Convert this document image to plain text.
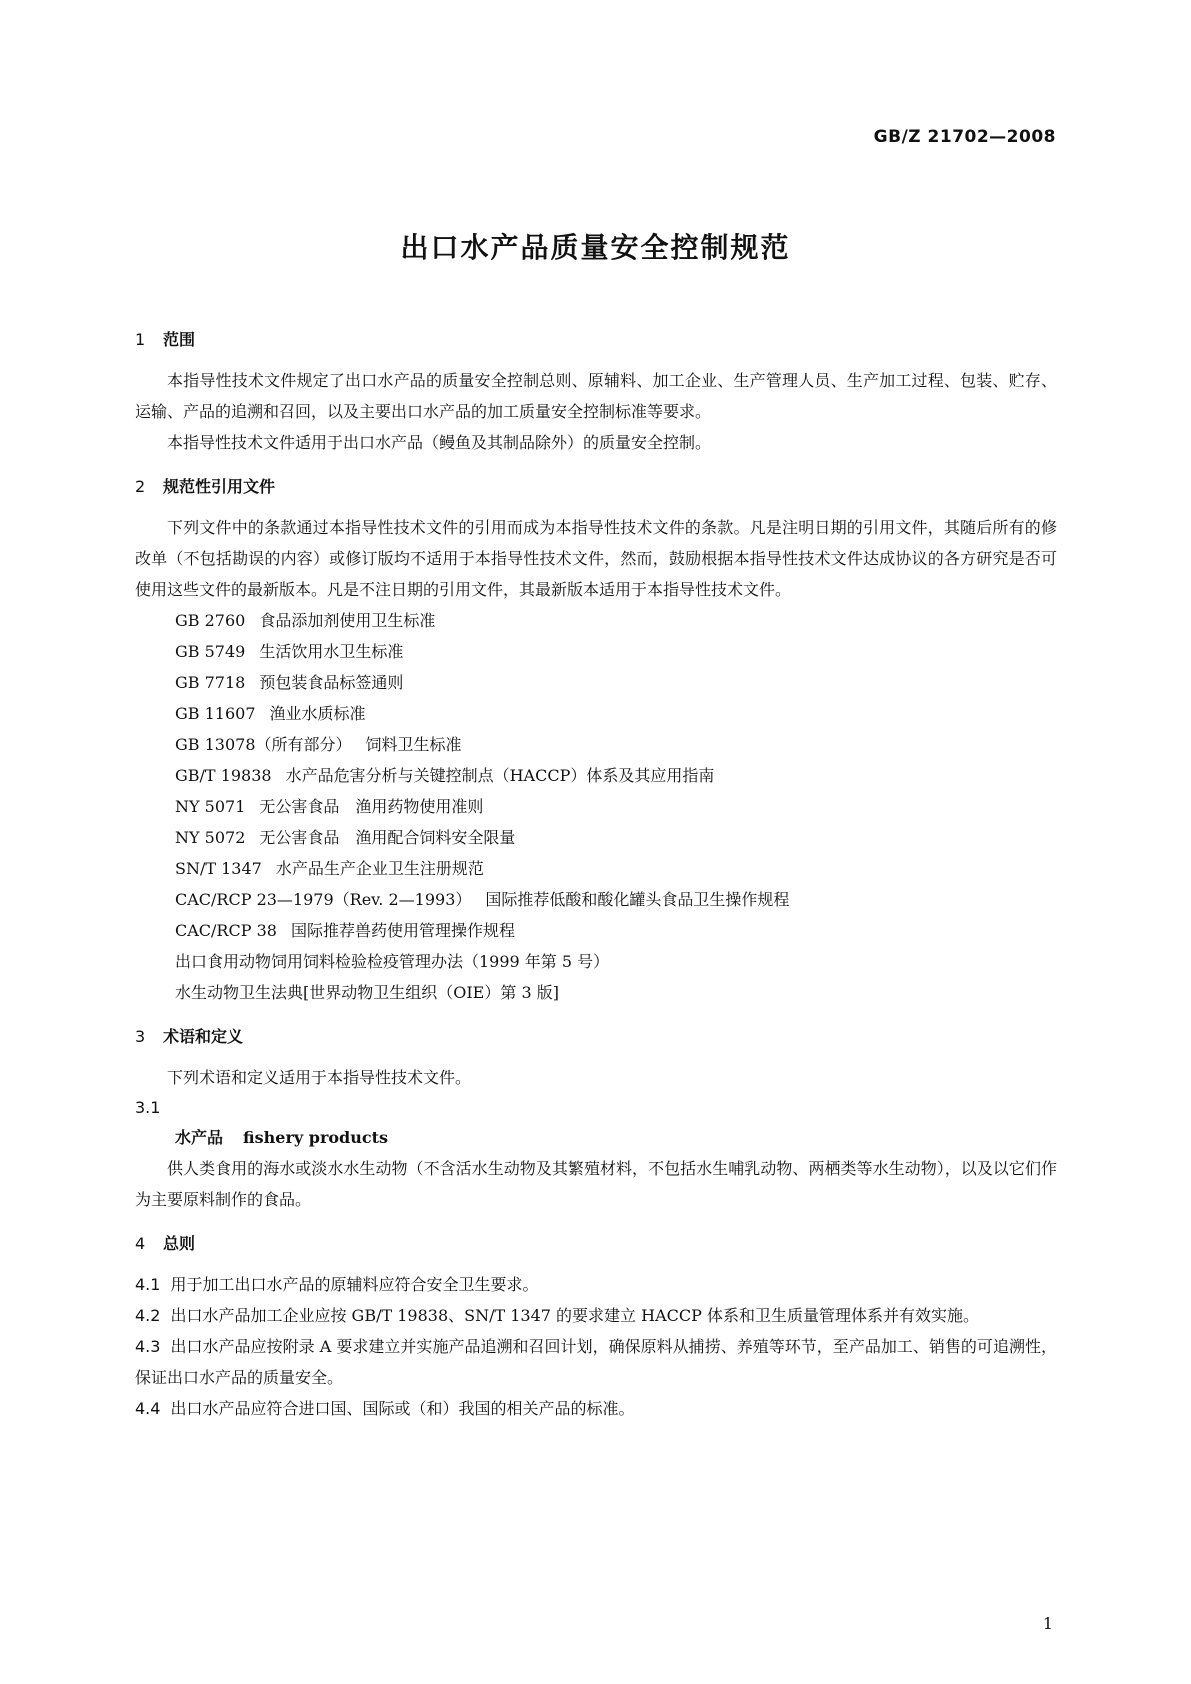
GB/Z 21702—2008
出口水产品质量安全控制规范
1 范围

本指导性技术文件规定了出口水产品的质量安全控制总则、原辅料、加工企业、生产管理人员、生产加工过程、包装、贮存、运输、产品的追溯和召回，以及主要出口水产品的加工质量安全控制标准等要求。

本指导性技术文件适用于出口水产品（鳗鱼及其制品除外）的质量安全控制。

2 规范性引用文件

下列文件中的条款通过本指导性技术文件的引用而成为本指导性技术文件的条款。凡是注明日期的引用文件，其随后所有的修改单（不包括勘误的内容）或修订版均不适用于本指导性技术文件，然而，鼓励根据本指导性技术文件达成协议的各方研究是否可使用这些文件的最新版本。凡是不注日期的引用文件，其最新版本适用于本指导性技术文件。

GB 2760 食品添加剂使用卫生标准
GB 5749 生活饮用水卫生标准
GB 7718 预包装食品标签通则
GB 11607 渔业水质标准
GB 13078（所有部分） 饲料卫生标准
GB/T 19838 水产品危害分析与关键控制点（HACCP）体系及其应用指南
NY 5071 无公害食品　渔用药物使用准则
NY 5072 无公害食品　渔用配合饲料安全限量
SN/T 1347 水产品生产企业卫生注册规范
CAC/RCP 23—1979（Rev. 2—1993） 国际推荐低酸和酸化罐头食品卫生操作规程
CAC/RCP 38 国际推荐兽药使用管理操作规程
出口食用动物饲用饲料检验检疫管理办法（1999 年第 5 号）
水生动物卫生法典[世界动物卫生组织（OIE）第 3 版]
3 术语和定义

下列术语和定义适用于本指导性技术文件。

3.1
水产品 fishery products

供人类食用的海水或淡水水生动物（不含活水生动物及其繁殖材料，不包括水生哺乳动物、两栖类等水生动物），以及以它们作为主要原料制作的食品。

4 总则

4.1 用于加工出口水产品的原辅料应符合安全卫生要求。

4.2 出口水产品加工企业应按 GB/T 19838、SN/T 1347 的要求建立 HACCP 体系和卫生质量管理体系并有效实施。

4.3 出口水产品应按附录 A 要求建立并实施产品追溯和召回计划，确保原料从捕捞、养殖等环节，至产品加工、销售的可追溯性，保证出口水产品的质量安全。

4.4 出口水产品应符合进口国、国际或（和）我国的相关产品的标准。

1
